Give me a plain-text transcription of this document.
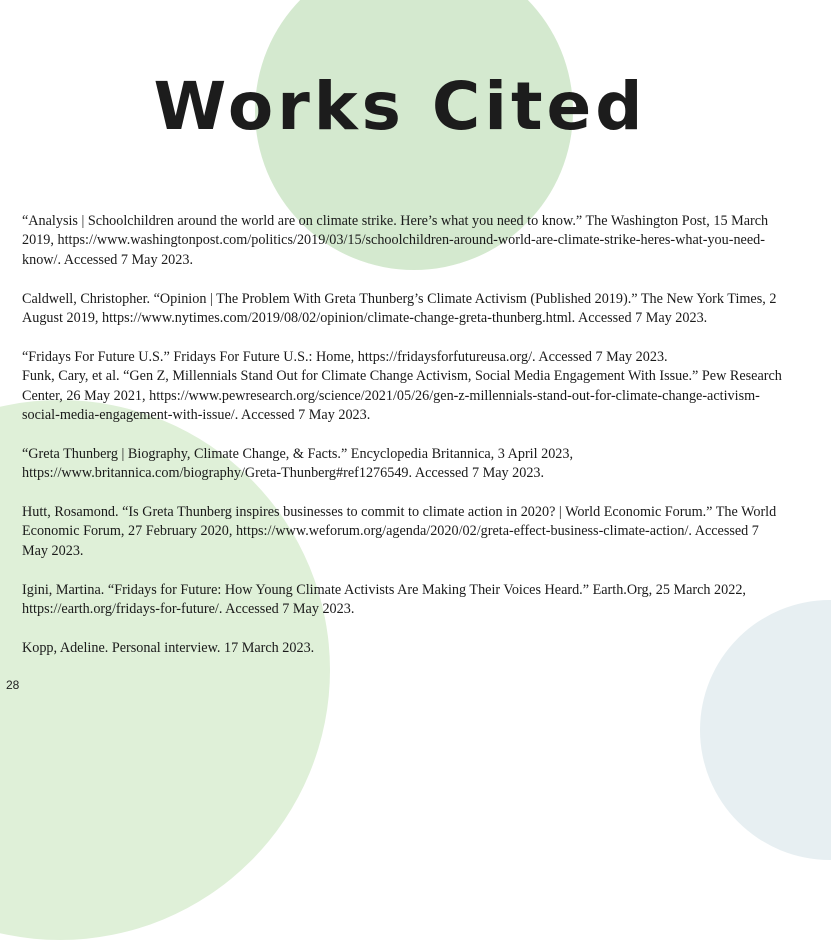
Works Cited

“Analysis | Schoolchildren around the world are on climate strike. Here’s what you need to know.” The Washington Post, 15 March 2019, https://www.washingtonpost.com/politics/2019/03/15/schoolchildren-around-world-are-climate-strike-heres-what-you-need-know/. Accessed 7 May 2023.

Caldwell, Christopher. “Opinion | The Problem With Greta Thunberg’s Climate Activism (Published 2019).” The New York Times, 2 August 2019, https://www.nytimes.com/2019/08/02/opinion/climate-change-greta-thunberg.html. Accessed 7 May 2023.

“Fridays For Future U.S.” Fridays For Future U.S.: Home, https://fridaysforfutureusa.org/. Accessed 7 May 2023.

Funk, Cary, et al. “Gen Z, Millennials Stand Out for Climate Change Activism, Social Media Engagement With Issue.” Pew Research Center, 26 May 2021, https://www.pewresearch.org/science/2021/05/26/gen-z-millennials-stand-out-for-climate-change-activism-social-media-engagement-with-issue/. Accessed 7 May 2023.

“Greta Thunberg | Biography, Climate Change, & Facts.” Encyclopedia Britannica, 3 April 2023, https://www.britannica.com/biography/Greta-Thunberg#ref1276549. Accessed 7 May 2023.

Hutt, Rosamond. “Is Greta Thunberg inspires businesses to commit to climate action in 2020? | World Economic Forum.” The World Economic Forum, 27 February 2020, https://www.weforum.org/agenda/2020/02/greta-effect-business-climate-action/. Accessed 7 May 2023.

Igini, Martina. “Fridays for Future: How Young Climate Activists Are Making Their Voices Heard.” Earth.Org, 25 March 2022, https://earth.org/fridays-for-future/. Accessed 7 May 2023.

Kopp, Adeline. Personal interview. 17 March 2023.

28
